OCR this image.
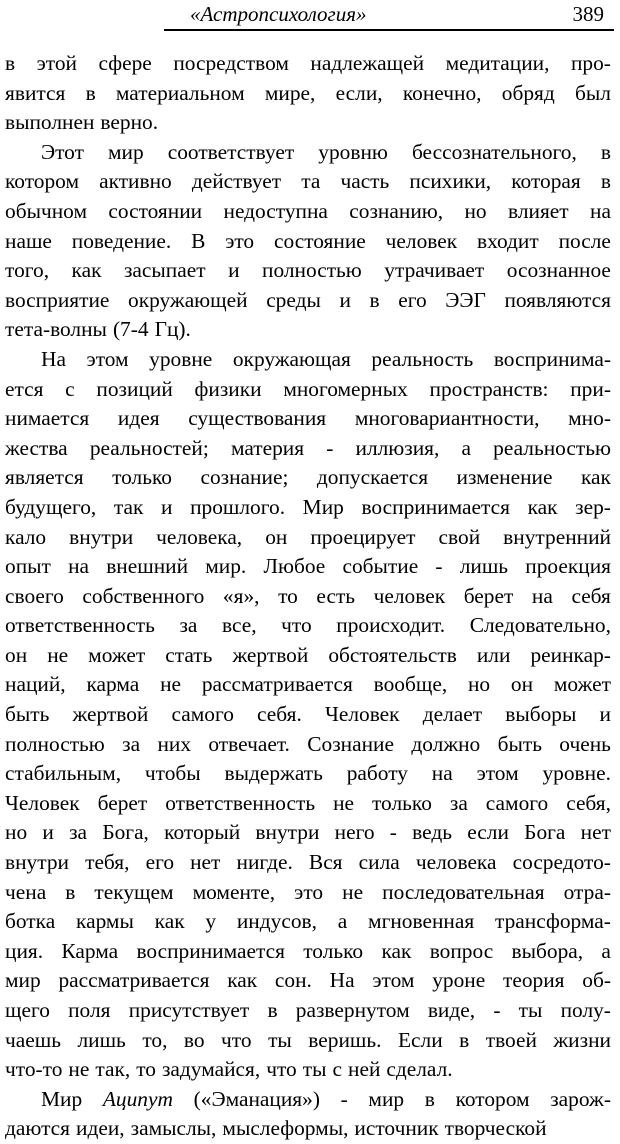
«Астропсихология»	389
в этой сфере посредством надлежащей медитации, про-
явится в материальном мире, если, конечно, обряд был
выполнен верно.
Этот мир соответствует уровню бессознательного, в
котором активно действует та часть психики, которая в
обычном состоянии недоступна сознанию, но влияет на
наше поведение. В это состояние человек входит после
того, как засыпает и полностью утрачивает осознанное
восприятие окружающей среды и в его ЭЭГ появляются
тета-волны (7-4 Гц).
На этом уровне окружающая реальность воспринима-
ется с позиций физики многомерных пространств: при-
нимается идея существования многовариантности, мно-
жества реальностей; материя - иллюзия, а реальностью
является только сознание; допускается изменение как
будущего, так и прошлого. Мир воспринимается как зер-
кало внутри человека, он проецирует свой внутренний
опыт на внешний мир. Любое событие - лишь проекция
своего собственного «я», то есть человек берет на себя
ответственность за все, что происходит. Следовательно,
он не может стать жертвой обстоятельств или реинкар-
наций, карма не рассматривается вообще, но он может
быть жертвой самого себя. Человек делает выборы и
полностью за них отвечает. Сознание должно быть очень
стабильным, чтобы выдержать работу на этом уровне.
Человек берет ответственность не только за самого себя,
но и за Бога, который внутри него - ведь если Бога нет
внутри тебя, его нет нигде. Вся сила человека сосредото-
чена в текущем моменте, это не последовательная отра-
ботка кармы как у индусов, а мгновенная трансформа-
ция. Карма воспринимается только как вопрос выбора, а
мир рассматривается как сон. На этом уроне теория об-
щего поля присутствует в развернутом виде, - ты полу-
чаешь лишь то, во что ты веришь. Если в твоей жизни
что-то не так, то задумайся, что ты с ней сделал.
Мир Аципут («Эманация») - мир в котором зарож-
даются идеи, замыслы, мыслеформы, источник творческой
